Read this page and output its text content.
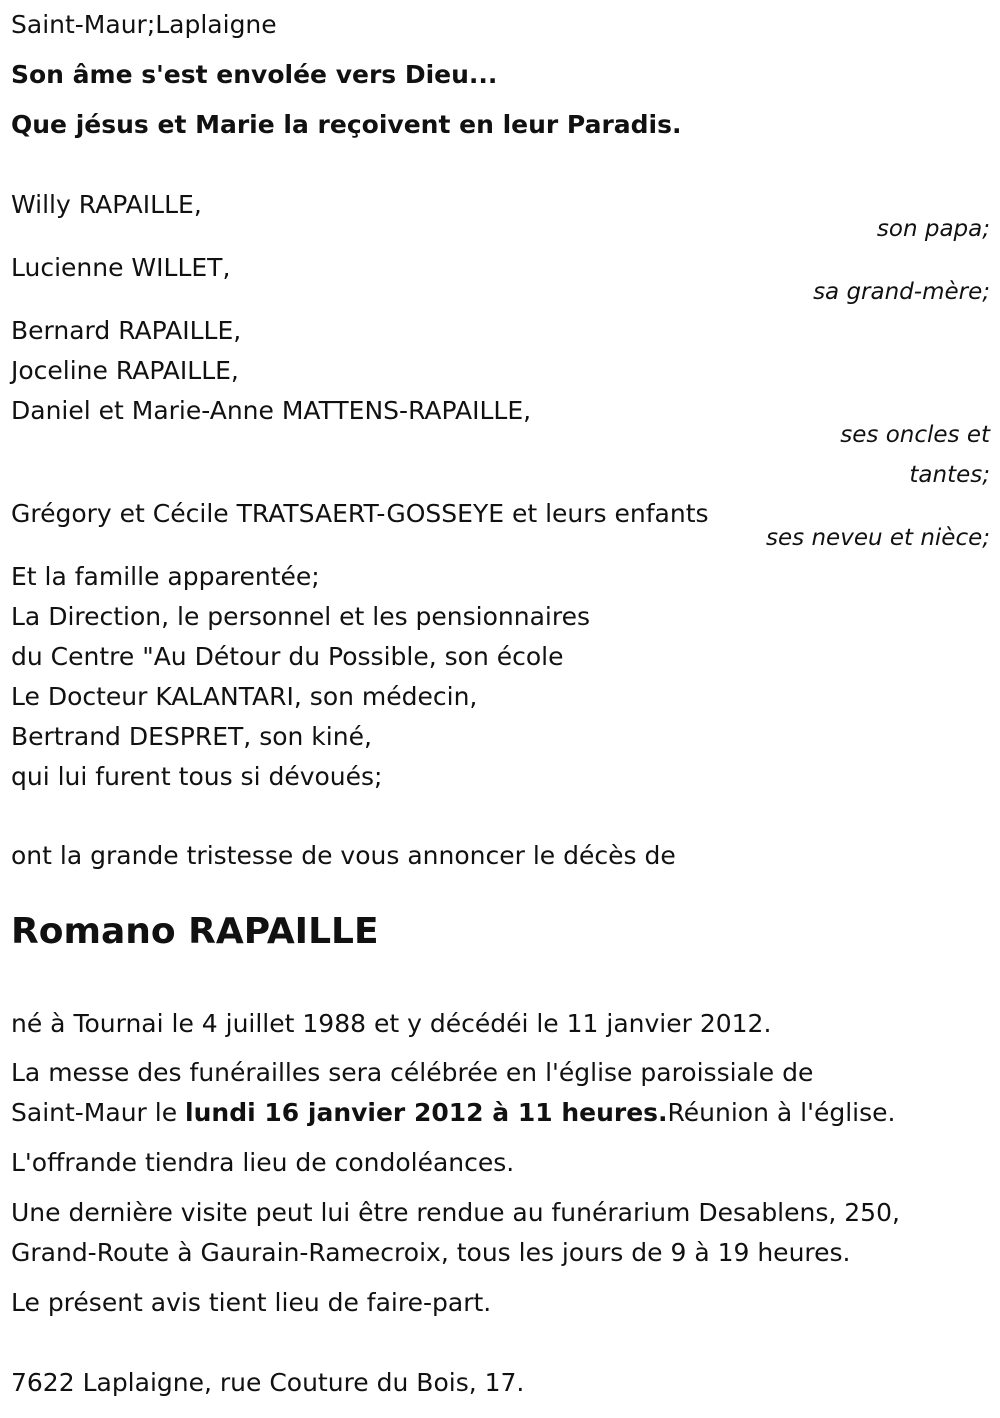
Saint-Maur;Laplaigne
Son âme s'est envolée vers Dieu...
Que jésus et Marie la reçoivent en leur Paradis.
Willy RAPAILLE,
son papa;
Lucienne WILLET,
sa grand-mère;
Bernard RAPAILLE,
Joceline RAPAILLE,
Daniel et Marie-Anne MATTENS-RAPAILLE,
ses oncles et
tantes;
Grégory et Cécile TRATSAERT-GOSSEYE et leurs enfants
ses neveu et nièce;
Et la famille apparentée;
La Direction, le personnel et les pensionnaires
du Centre "Au Détour du Possible, son école
Le Docteur KALANTARI, son médecin,
Bertrand DESPRET, son kiné,
qui lui furent tous si dévoués;
ont la grande tristesse de vous annoncer le décès de
Romano RAPAILLE
né à Tournai le 4 juillet 1988 et y décédéi le 11 janvier 2012.
La messe des funérailles sera célébrée en l'église paroissiale de
Saint-Maur le lundi 16 janvier 2012 à 11 heures.Réunion à l'église.
L'offrande tiendra lieu de condoléances.
Une dernière visite peut lui être rendue au funérarium Desablens, 250,
Grand-Route à Gaurain-Ramecroix, tous les jours de 9 à 19 heures.
Le présent avis tient lieu de faire-part.
7622 Laplaigne, rue Couture du Bois, 17.
